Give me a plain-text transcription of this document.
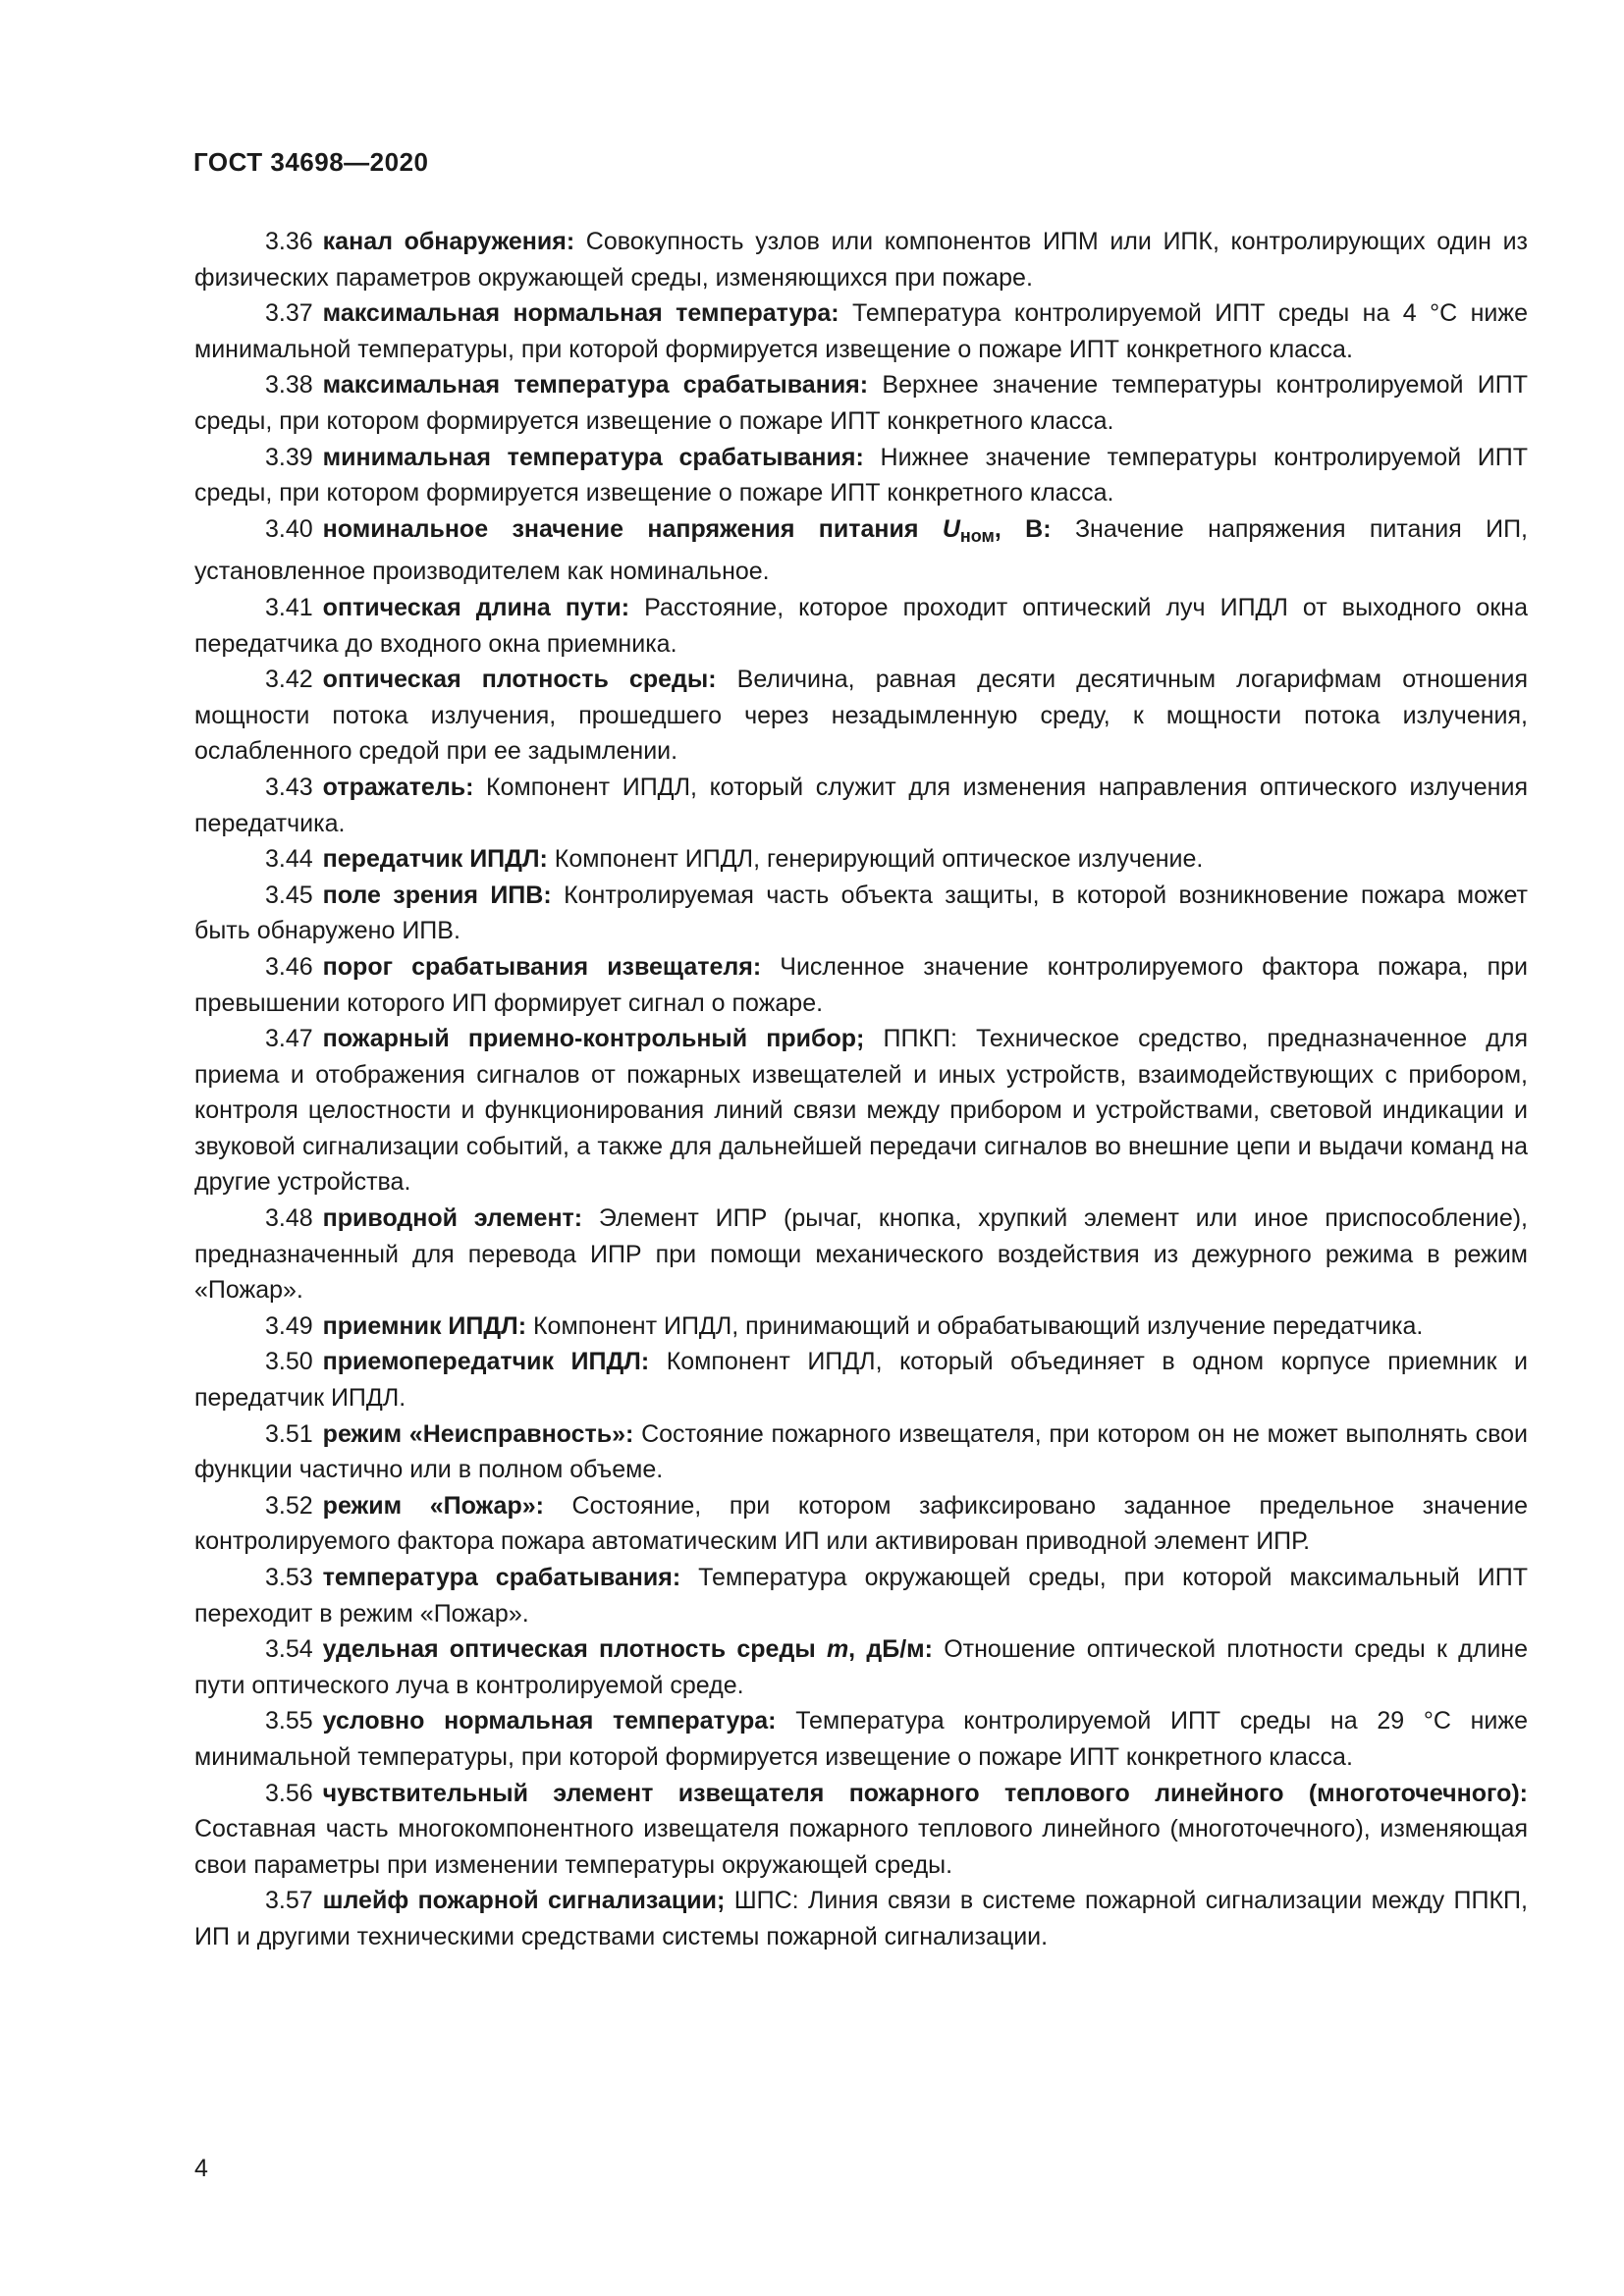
ГОСТ 34698—2020

3.36 канал обнаружения: Совокупность узлов или компонентов ИПМ или ИПК, контролирующих один из физических параметров окружающей среды, изменяющихся при пожаре.

3.37 максимальная нормальная температура: Температура контролируемой ИПТ среды на 4 °C ниже минимальной температуры, при которой формируется извещение о пожаре ИПТ конкретного класса.

3.38 максимальная температура срабатывания: Верхнее значение температуры контролируемой ИПТ среды, при котором формируется извещение о пожаре ИПТ конкретного класса.

3.39 минимальная температура срабатывания: Нижнее значение температуры контролируемой ИПТ среды, при котором формируется извещение о пожаре ИПТ конкретного класса.

3.40 номинальное значение напряжения питания $U_{ном}$, В: Значение напряжения питания ИП, установленное производителем как номинальное.

3.41 оптическая длина пути: Расстояние, которое проходит оптический луч ИПДЛ от выходного окна передатчика до входного окна приемника.

3.42 оптическая плотность среды: Величина, равная десяти десятичным логарифмам отношения мощности потока излучения, прошедшего через незадымленную среду, к мощности потока излучения, ослабленного средой при ее задымлении.

3.43 отражатель: Компонент ИПДЛ, который служит для изменения направления оптического излучения передатчика.

3.44 передатчик ИПДЛ: Компонент ИПДЛ, генерирующий оптическое излучение.

3.45 поле зрения ИПВ: Контролируемая часть объекта защиты, в которой возникновение пожара может быть обнаружено ИПВ.

3.46 порог срабатывания извещателя: Численное значение контролируемого фактора пожара, при превышении которого ИП формирует сигнал о пожаре.

3.47 пожарный приемно-контрольный прибор; ППКП: Техническое средство, предназначенное для приема и отображения сигналов от пожарных извещателей и иных устройств, взаимодействующих с прибором, контроля целостности и функционирования линий связи между прибором и устройствами, световой индикации и звуковой сигнализации событий, а также для дальнейшей передачи сигналов во внешние цепи и выдачи команд на другие устройства.

3.48 приводной элемент: Элемент ИПР (рычаг, кнопка, хрупкий элемент или иное приспособление), предназначенный для перевода ИПР при помощи механического воздействия из дежурного режима в режим «Пожар».

3.49 приемник ИПДЛ: Компонент ИПДЛ, принимающий и обрабатывающий излучение передатчика.

3.50 приемопередатчик ИПДЛ: Компонент ИПДЛ, который объединяет в одном корпусе приемник и передатчик ИПДЛ.

3.51 режим «Неисправность»: Состояние пожарного извещателя, при котором он не может выполнять свои функции частично или в полном объеме.

3.52 режим «Пожар»: Состояние, при котором зафиксировано заданное предельное значение контролируемого фактора пожара автоматическим ИП или активирован приводной элемент ИПР.

3.53 температура срабатывания: Температура окружающей среды, при которой максимальный ИПТ переходит в режим «Пожар».

3.54 удельная оптическая плотность среды m, дБ/м: Отношение оптической плотности среды к длине пути оптического луча в контролируемой среде.

3.55 условно нормальная температура: Температура контролируемой ИПТ среды на 29 °C ниже минимальной температуры, при которой формируется извещение о пожаре ИПТ конкретного класса.

3.56 чувствительный элемент извещателя пожарного теплового линейного (многоточечного): Составная часть многокомпонентного извещателя пожарного теплового линейного (многоточечного), изменяющая свои параметры при изменении температуры окружающей среды.

3.57 шлейф пожарной сигнализации; ШПС: Линия связи в системе пожарной сигнализации между ППКП, ИП и другими техническими средствами системы пожарной сигнализации.

4
